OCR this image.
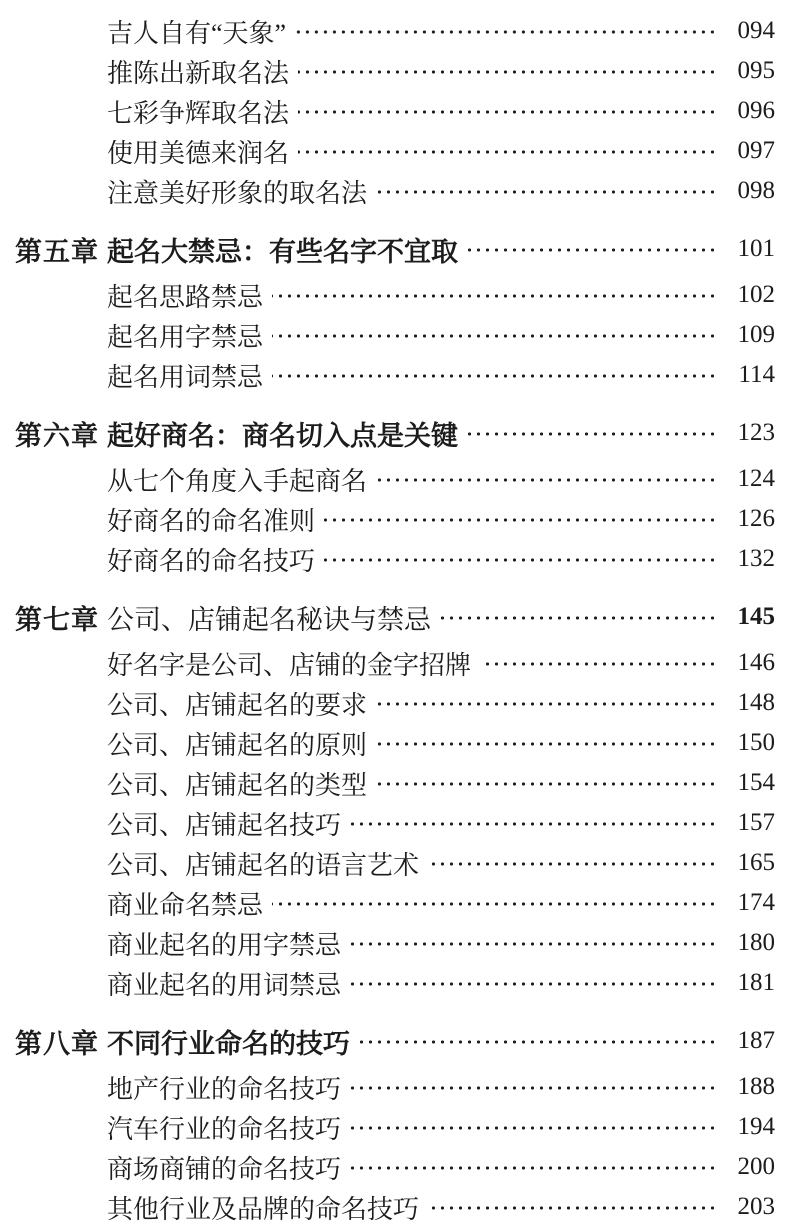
吉人自有“天象”	094
推陈出新取名法	095
七彩争辉取名法	096
使用美德来润名	097
注意美好形象的取名法	098
第五章 起名大禁忌：有些名字不宜取	101
起名思路禁忌	102
起名用字禁忌	109
起名用词禁忌	114
第六章 起好商名：商名切入点是关键	123
从七个角度入手起商名	124
好商名的命名准则	126
好商名的命名技巧	132
第七章 公司、店铺起名秘诀与禁忌	145
好名字是公司、店铺的金字招牌	146
公司、店铺起名的要求	148
公司、店铺起名的原则	150
公司、店铺起名的类型	154
公司、店铺起名技巧	157
公司、店铺起名的语言艺术	165
商业命名禁忌	174
商业起名的用字禁忌	180
商业起名的用词禁忌	181
第八章 不同行业命名的技巧	187
地产行业的命名技巧	188
汽车行业的命名技巧	194
商场商铺的命名技巧	200
其他行业及品牌的命名技巧	203
